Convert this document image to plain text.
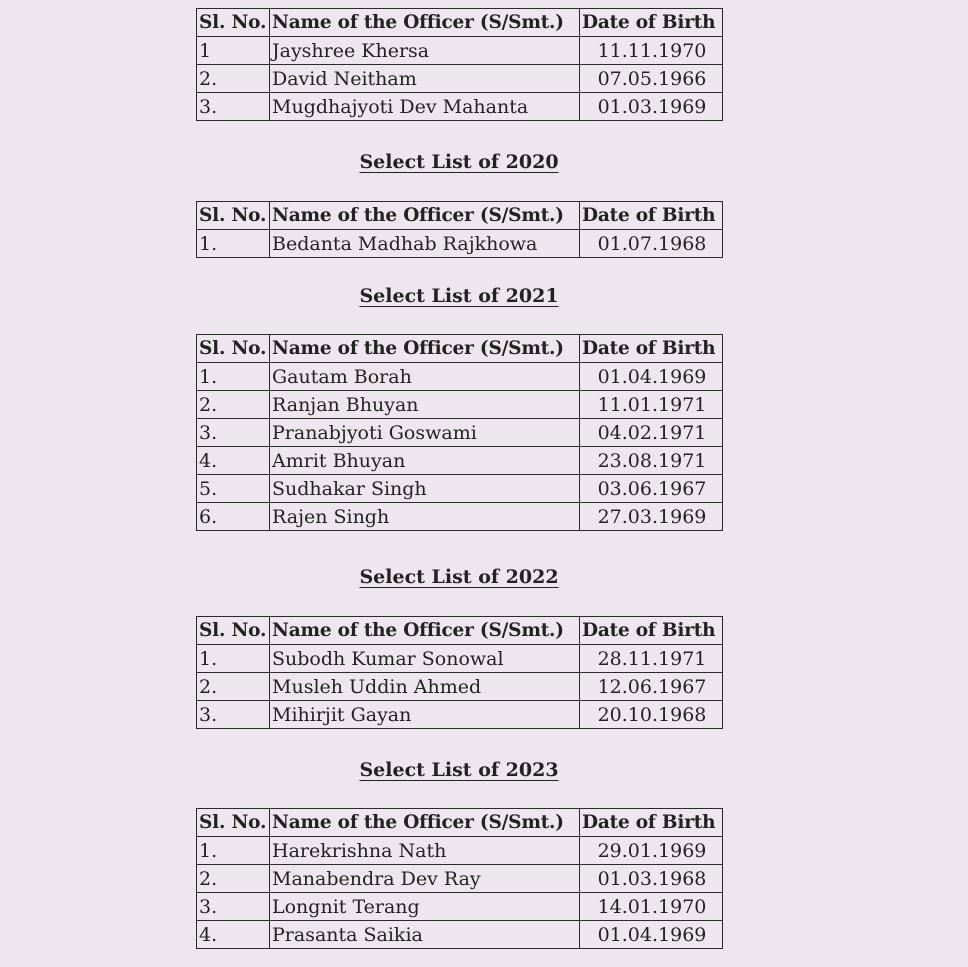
Sl. No.	Name of the Officer (S/Smt.)	Date of Birth
1	Jayshree Khersa	11.11.1970
2.	David Neitham	07.05.1966
3.	Mugdhajyoti Dev Mahanta	01.03.1969
Select List of 2020
Sl. No.	Name of the Officer (S/Smt.)	Date of Birth
1.	Bedanta Madhab Rajkhowa	01.07.1968
Select List of 2021
Sl. No.	Name of the Officer (S/Smt.)	Date of Birth
1.	Gautam Borah	01.04.1969
2.	Ranjan Bhuyan	11.01.1971
3.	Pranabjyoti Goswami	04.02.1971
4.	Amrit Bhuyan	23.08.1971
5.	Sudhakar Singh	03.06.1967
6.	Rajen Singh	27.03.1969
Select List of 2022
Sl. No.	Name of the Officer (S/Smt.)	Date of Birth
1.	Subodh Kumar Sonowal	28.11.1971
2.	Musleh Uddin Ahmed	12.06.1967
3.	Mihirjit Gayan	20.10.1968
Select List of 2023
Sl. No.	Name of the Officer (S/Smt.)	Date of Birth
1.	Harekrishna Nath	29.01.1969
2.	Manabendra Dev Ray	01.03.1968
3.	Longnit Terang	14.01.1970
4.	Prasanta Saikia	01.04.1969
